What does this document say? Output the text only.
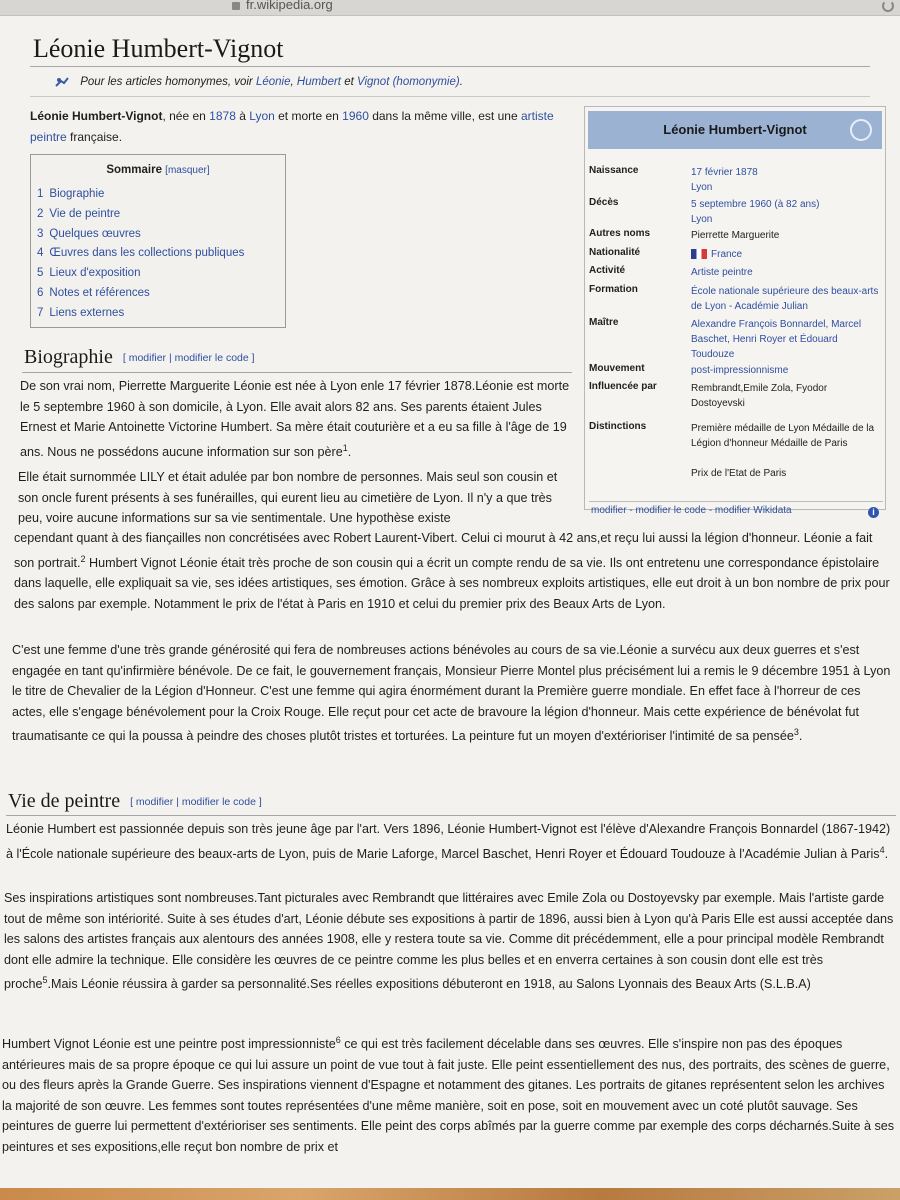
fr.wikipedia.org
Léonie Humbert-Vignot
Pour les articles homonymes, voir Léonie, Humbert et Vignot (homonymie).
Léonie Humbert-Vignot, née en 1878 à Lyon et morte en 1960 dans la même ville, est une artiste peintre française.
Sommaire [masquer]
1 Biographie
2 Vie de peintre
3 Quelques œuvres
4 Œuvres dans les collections publiques
5 Lieux d'exposition
6 Notes et références
7 Liens externes
Léonie Humbert-Vignot
Naissance	17 février 1878
Lyon
Décès	5 septembre 1960 (à 82 ans)
Lyon
Autres noms	Pierrette Marguerite
Nationalité	France
Activité	Artiste peintre
Formation	École nationale supérieure des beaux-arts de Lyon - Académie Julian
Maître	Alexandre François Bonnardel, Marcel Baschet, Henri Royer et Édouard Toudouze
Mouvement	post-impressionnisme
Influencée par	Rembrandt,Emile Zola, Fyodor Dostoyevski
Distinctions	Première médaille de Lyon Médaille de la Légion d'honneur Médaille de Paris

Prix de l'Etat de Paris
modifier - modifier le code - modifier Wikidata	i
Biographie [ modifier | modifier le code ]

De son vrai nom, Pierrette Marguerite Léonie est née à Lyon enle 17 février 1878.Léonie est morte le 5 septembre 1960 à son domicile, à Lyon. Elle avait alors 82 ans. Ses parents étaient Jules Ernest et Marie Antoinette Victorine Humbert. Sa mère était couturière et a eu sa fille à l'âge de 19 ans. Nous ne possédons aucune information sur son père$^1$.

Elle était surnommée LILY et était adulée par bon nombre de personnes. Mais seul son cousin et son oncle furent présents à ses funérailles, qui eurent lieu au cimetière de Lyon. Il n'y a que très peu, voire aucune informations sur sa vie sentimentale. Une hypothèse existe

cependant quant à des fiançailles non concrétisées avec Robert Laurent-Vibert. Celui ci mourut à 42 ans,et reçu lui aussi la légion d'honneur. Léonie a fait son portrait.$^2$ Humbert Vignot Léonie était très proche de son cousin qui a écrit un compte rendu de sa vie. Ils ont entretenu une correspondance épistolaire dans laquelle, elle expliquait sa vie, ses idées artistiques, ses émotion. Grâce à ses nombreux exploits artistiques, elle eut droit à un bon nombre de prix pour des salons par exemple. Notamment le prix de l'état à Paris en 1910 et celui du premier prix des Beaux Arts de Lyon.

C'est une femme d'une très grande générosité qui fera de nombreuses actions bénévoles au cours de sa vie.Léonie a survécu aux deux guerres et s'est engagée en tant qu'infirmière bénévole. De ce fait, le gouvernement français, Monsieur Pierre Montel plus précisément lui a remis le 9 décembre 1951 à Lyon le titre de Chevalier de la Légion d'Honneur. C'est une femme qui agira énormément durant la Première guerre mondiale. En effet face à l'horreur de ces actes, elle s'engage bénévolement pour la Croix Rouge. Elle reçut pour cet acte de bravoure la légion d'honneur. Mais cette expérience de bénévolat fut traumatisante ce qui la poussa à peindre des choses plutôt tristes et torturées. La peinture fut un moyen d'extérioriser l'intimité de sa pensée$^3$.

Vie de peintre [ modifier | modifier le code ]

Léonie Humbert est passionnée depuis son très jeune âge par l'art. Vers 1896, Léonie Humbert-Vignot est l'élève d'Alexandre François Bonnardel (1867-1942) à l'École nationale supérieure des beaux-arts de Lyon, puis de Marie Laforge, Marcel Baschet, Henri Royer et Édouard Toudouze à l'Académie Julian à Paris$^4$.

Ses inspirations artistiques sont nombreuses.Tant picturales avec Rembrandt que littéraires avec Emile Zola ou Dostoyevsky par exemple. Mais l'artiste garde tout de même son intériorité. Suite à ses études d'art, Léonie débute ses expositions à partir de 1896, aussi bien à Lyon qu'à Paris Elle est aussi acceptée dans les salons des artistes français aux alentours des années 1908, elle y restera toute sa vie. Comme dit précédemment, elle a pour principal modèle Rembrandt dont elle admire la technique. Elle considère les œuvres de ce peintre comme les plus belles et en enverra certaines à son cousin dont elle est très proche$^5$.Mais Léonie réussira à garder sa personnalité.Ses réelles expositions débuteront en 1918, au Salons Lyonnais des Beaux Arts (S.L.B.A)

Humbert Vignot Léonie est une peintre post impressionniste$^6$ ce qui est très facilement décelable dans ses œuvres. Elle s'inspire non pas des époques antérieures mais de sa propre époque ce qui lui assure un point de vue tout à fait juste. Elle peint essentiellement des nus, des portraits, des scènes de guerre, ou des fleurs après la Grande Guerre. Ses inspirations viennent d'Espagne et notamment des gitanes. Les portraits de gitanes représentent selon les archives la majorité de son œuvre. Les femmes sont toutes représentées d'une même manière, soit en pose, soit en mouvement avec un coté plutôt sauvage. Ses peintures de guerre lui permettent d'extérioriser ses sentiments. Elle peint des corps abîmés par la guerre comme par exemple des corps décharnés.Suite à ses peintures et ses expositions,elle reçut bon nombre de prix et
